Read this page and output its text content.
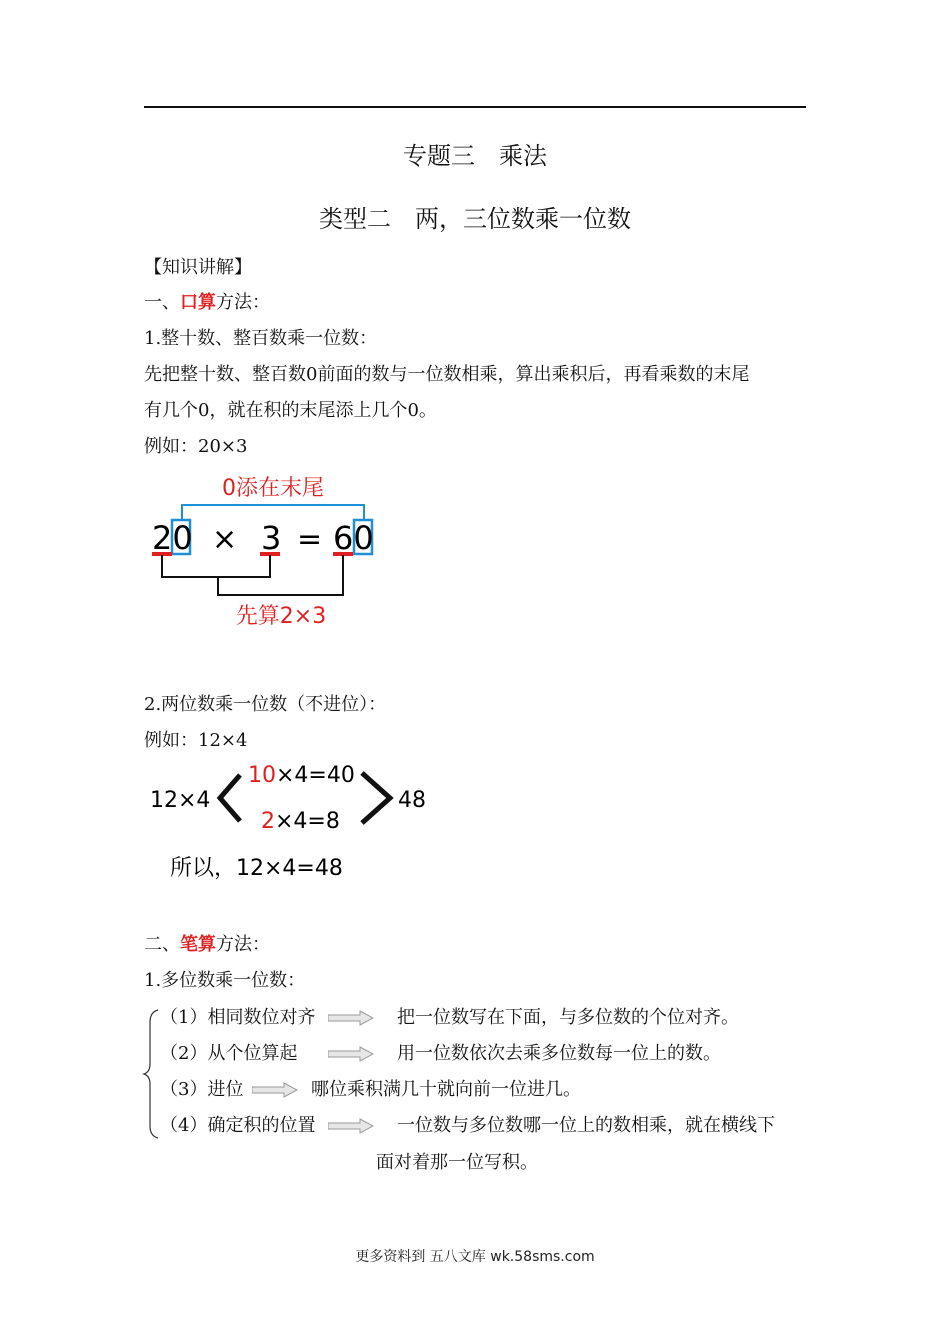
专题三　乘法
类型二　两，三位数乘一位数
【知识讲解】
一、口算方法：
1.整十数、整百数乘一位数：
先把整十数、整百数0前面的数与一位数相乘，算出乘积后，再看乘数的末尾
有几个0，就在积的末尾添上几个0。
例如：20×3
0添在末尾
20 × 3 = 60
先算2×3
2.两位数乘一位数（不进位）：
例如：12×4
12×4
10×4=40
2×4=8
48
所以，12×4=48
二、笔算方法：
1.多位数乘一位数：
（1）相同数位对齐	把一位数写在下面，与多位数的个位对齐。
（2）从个位算起	用一位数依次去乘多位数每一位上的数。
（3）进位	哪位乘积满几十就向前一位进几。
（4）确定积的位置	一位数与多位数哪一位上的数相乘，就在横线下
面对着那一位写积。
更多资料到 五八文库 wk.58sms.com
